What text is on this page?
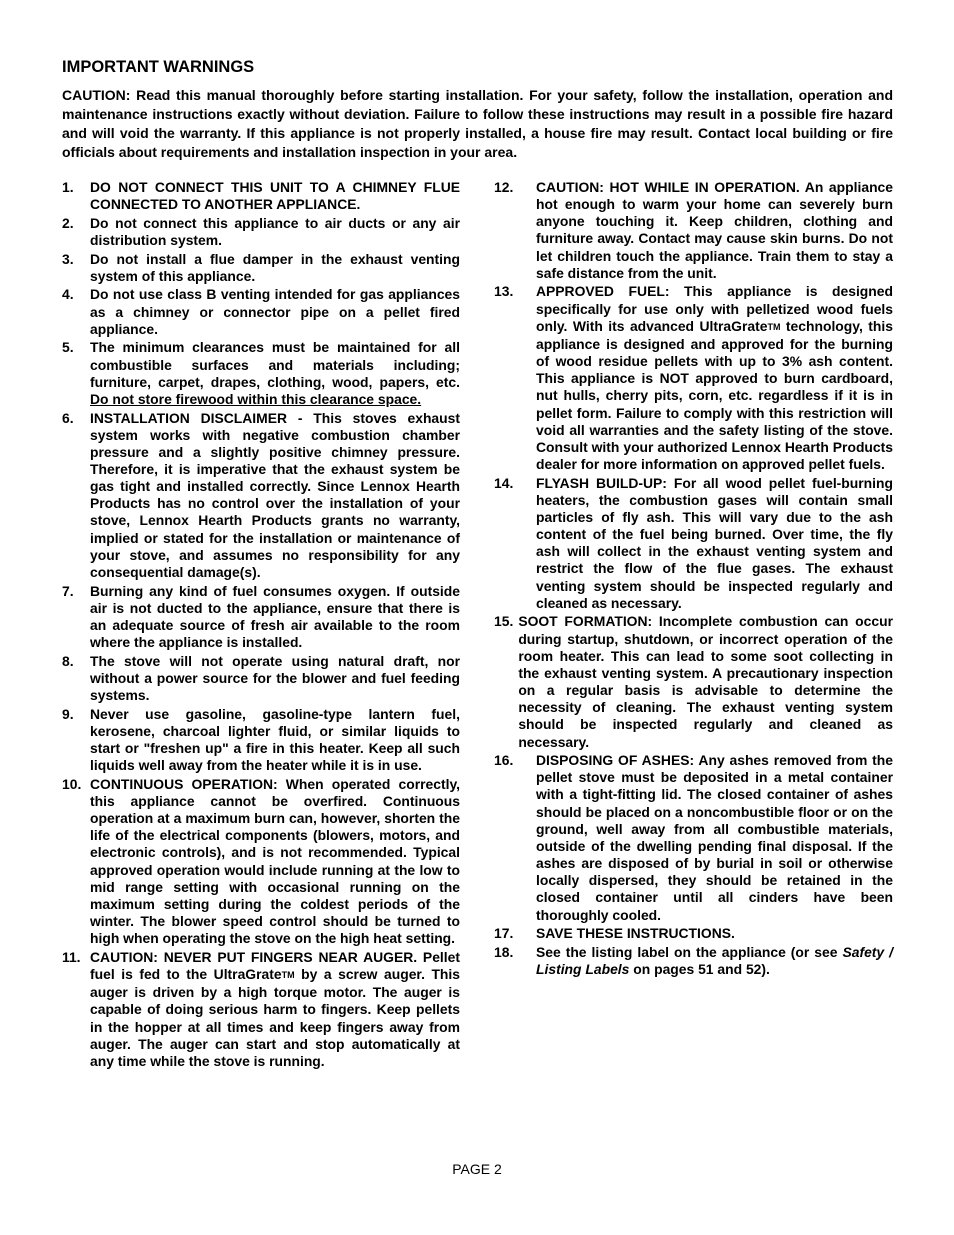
IMPORTANT WARNINGS

CAUTION: Read this manual thoroughly before starting installation. For your safety, follow the installation, operation and maintenance instructions exactly without deviation. Failure to follow these instructions may result in a possible fire hazard and will void the warranty. If this appliance is not properly installed, a house fire may result. Contact local building or fire officials about requirements and installation inspection in your area.

1.	DO NOT CONNECT THIS UNIT TO A CHIMNEY FLUE CONNECTED TO ANOTHER APPLIANCE.
2.	Do not connect this appliance to air ducts or any air distribution system.
3.	Do not install a flue damper in the exhaust venting system of this appliance.
4.	Do not use class B venting intended for gas appliances as a chimney or connector pipe on a pellet fired appliance.
5.	The minimum clearances must be maintained for all combustible surfaces and materials including; furniture, carpet, drapes, clothing, wood, papers, etc. Do not store firewood within this clearance space.
6.	INSTALLATION DISCLAIMER - This stoves exhaust system works with negative combustion chamber pressure and a slightly positive chimney pressure. Therefore, it is imperative that the exhaust system be gas tight and installed correctly. Since Lennox Hearth Products has no control over the installation of your stove, Lennox Hearth Products grants no warranty, implied or stated for the installation or maintenance of your stove, and assumes no responsibility for any consequential damage(s).
7.	Burning any kind of fuel consumes oxygen. If outside air is not ducted to the appliance, ensure that there is an adequate source of fresh air available to the room where the appliance is installed.
8.	The stove will not operate using natural draft, nor without a power source for the blower and fuel feeding systems.
9.	Never use gasoline, gasoline-type lantern fuel, kerosene, charcoal lighter fluid, or similar liquids to start or "freshen up" a fire in this heater. Keep all such liquids well away from the heater while it is in use.
10. CONTINUOUS OPERATION: When operated correctly, this appliance cannot be overfired. Continuous operation at a maximum burn can, however, shorten the life of the electrical components (blowers, motors, and electronic controls), and is not recommended. Typical approved operation would include running at the low to mid range setting with occasional running on the maximum setting during the coldest periods of the winter. The blower speed control should be turned to high when operating the stove on the high heat setting.
11. CAUTION: NEVER PUT FINGERS NEAR AUGER. Pellet fuel is fed to the UltraGrateTM by a screw auger. This auger is driven by a high torque motor. The auger is capable of doing serious harm to fingers. Keep pellets in the hopper at all times and keep fingers away from auger. The auger can start and stop automatically at any time while the stove is running.
12.	CAUTION: HOT WHILE IN OPERATION. An appliance hot enough to warm your home can severely burn anyone touching it. Keep children, clothing and furniture away. Contact may cause skin burns. Do not let children touch the appliance. Train them to stay a safe distance from the unit.
13.	APPROVED FUEL: This appliance is designed specifically for use only with pelletized wood fuels only. With its advanced UltraGrateTM technology, this appliance is designed and approved for the burning of wood residue pellets with up to 3% ash content. This appliance is NOT approved to burn cardboard, nut hulls, cherry pits, corn, etc. regardless if it is in pellet form. Failure to comply with this restriction will void all warranties and the safety listing of the stove. Consult with your authorized Lennox Hearth Products dealer for more information on approved pellet fuels.
14.	FLYASH BUILD-UP: For all wood pellet fuel-burning heaters, the combustion gases will contain small particles of fly ash. This will vary due to the ash content of the fuel being burned. Over time, the fly ash will collect in the exhaust venting system and restrict the flow of the flue gases. The exhaust venting system should be inspected regularly and cleaned as necessary.
15. SOOT FORMATION: Incomplete combustion can occur during startup, shutdown, or incorrect operation of the room heater. This can lead to some soot collecting in the exhaust venting system. A precautionary inspection on a regular basis is advisable to determine the necessity of cleaning. The exhaust venting system should be inspected regularly and cleaned as necessary.
16.	DISPOSING OF ASHES: Any ashes removed from the pellet stove must be deposited in a metal container with a tight-fitting lid. The closed container of ashes should be placed on a noncombustible floor or on the ground, well away from all combustible materials, outside of the dwelling pending final disposal. If the ashes are disposed of by burial in soil or otherwise locally dispersed, they should be retained in the closed container until all cinders have been thoroughly cooled.
17.	SAVE THESE INSTRUCTIONS.
18.	See the listing label on the appliance (or see Safety / Listing Labels on pages 51 and 52).
PAGE 2
